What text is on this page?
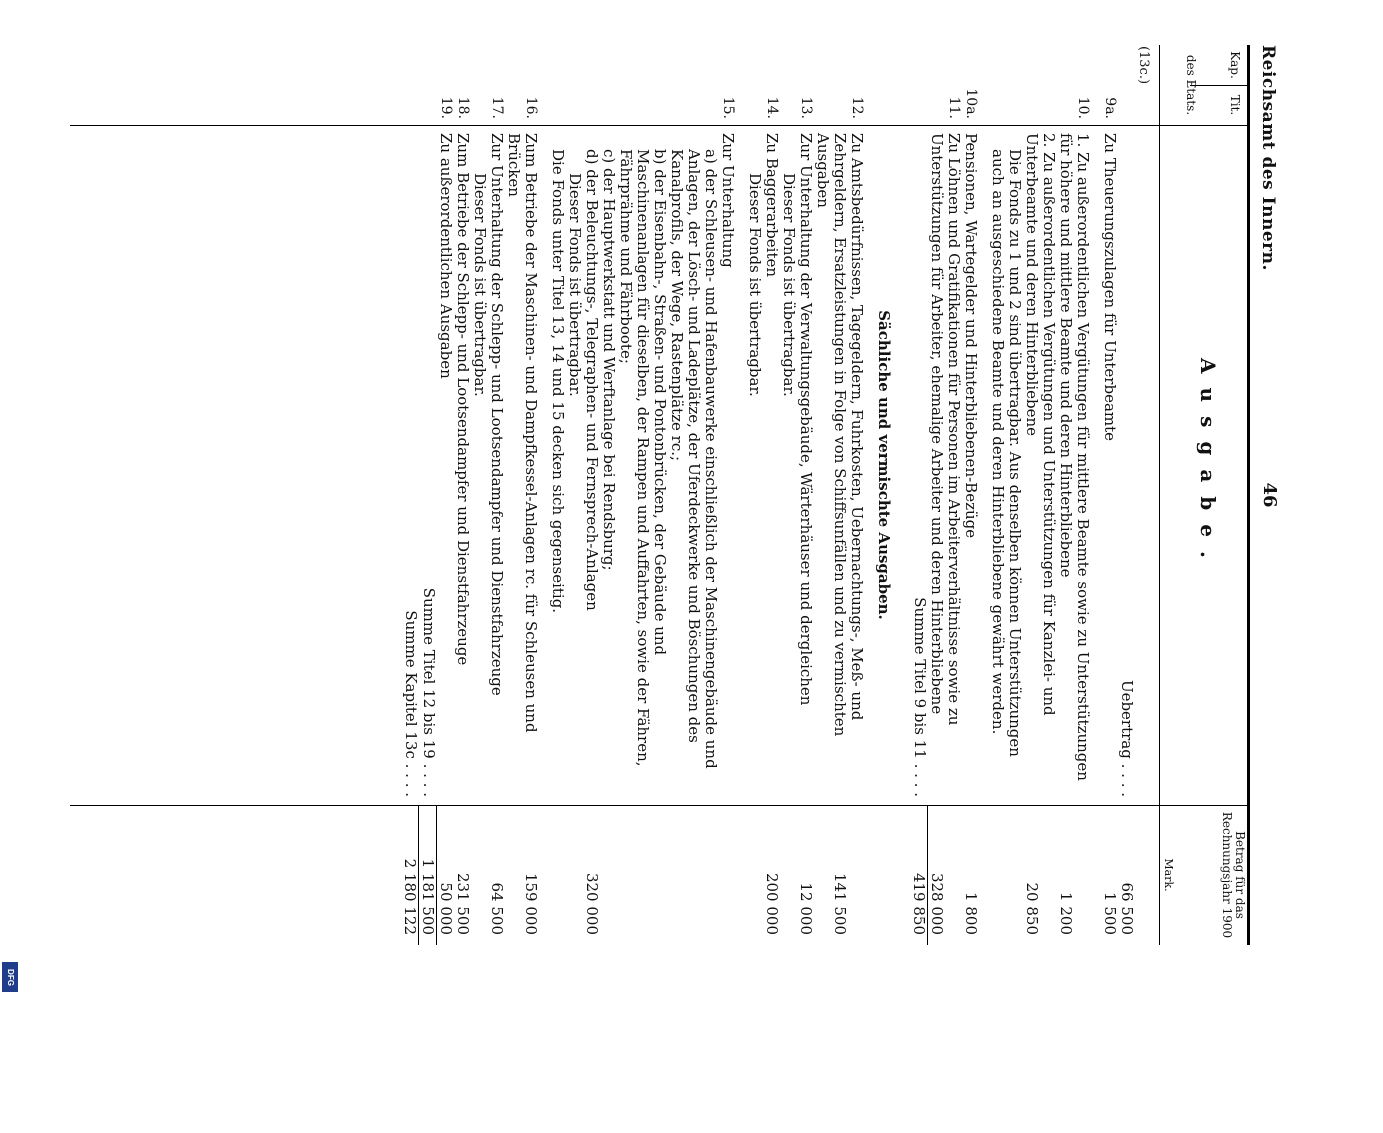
DFG
Reichsamt des Innern.
46
Kap.
Tit.
des Etats.
Ausgabe.
Betrag für das Rechnungsjahr 1900
Mark.
(13c.)
Uebertrag . . . .
66 500
9a.
Zu Theuerungszulagen für Unterbeamte
1 500
10.
1. Zu außerordentlichen Vergütungen für mittlere Beamte sowie zu Unterstützungen für höhere und mittlere Beamte und deren Hinterbliebene
1 200
2. Zu außerordentlichen Vergütungen und Unterstützungen für Kanzlei- und Unterbeamte und deren Hinterbliebene
20 850
Die Fonds zu 1 und 2 sind übertragbar. Aus denselben können Unterstützungen auch an ausgeschiedene Beamte und deren Hinterbliebene gewährt werden.
10a.
Pensionen, Wartegelder und Hinterbliebenen-Bezüge
1 800
11.
Zu Löhnen und Gratifikationen für Personen im Arbeiterverhältnisse sowie zu Unterstützungen für Arbeiter, ehemalige Arbeiter und deren Hinterbliebene
328 000
Summe Titel 9 bis 11 . . . .
419 850
Sächliche und vermischte Ausgaben.
12.
Zu Amtsbedürfnissen, Tagegeldern, Fuhrkosten, Uebernachtungs-, Meß- und Zehrgeldern, Ersatzleistungen in Folge von Schiffsunfällen und zu vermischten Ausgaben
141 500
13.
Zur Unterhaltung der Verwaltungsgebäude, Wärterhäuser und dergleichen
12 000
Dieser Fonds ist übertragbar.
14.
Zu Baggerarbeiten
200 000
Dieser Fonds ist übertragbar.
15.
Zur Unterhaltung
a) der Schleusen- und Hafenbauwerke einschließlich der Maschinengebäude und Anlagen, der Lösch- und Ladeplätze, der Uferdeckwerke und Böschungen des Kanalprofils, der Wege, Rastenplätze rc.;
b) der Eisenbahn-, Straßen- und Pontonbrücken, der Gebäude und Maschinenanlagen für dieselben, der Rampen und Auffahrten, sowie der Fähren, Fährprähme und Fährboote;
c) der Hauptwerkstatt und Werftanlage bei Rendsburg;
d) der Beleuchtungs-, Telegraphen- und Fernsprech-Anlagen
320 000
Dieser Fonds ist übertragbar.
Die Fonds unter Titel 13, 14 und 15 decken sich gegenseitig.
16.
Zum Betriebe der Maschinen- und Dampfkessel-Anlagen rc. für Schleusen und Brücken
159 000
17.
Zur Unterhaltung der Schlepp- und Lootsendampfer und Dienstfahrzeuge
64 500
Dieser Fonds ist übertragbar.
18.
Zum Betriebe der Schlepp- und Lootsendampfer und Dienstfahrzeuge
231 500
19.
Zu außerordentlichen Ausgaben
50 000
Summe Titel 12 bis 19 . . . .
1 181 500
Summe Kapitel 13c . . . .
2 180 122
